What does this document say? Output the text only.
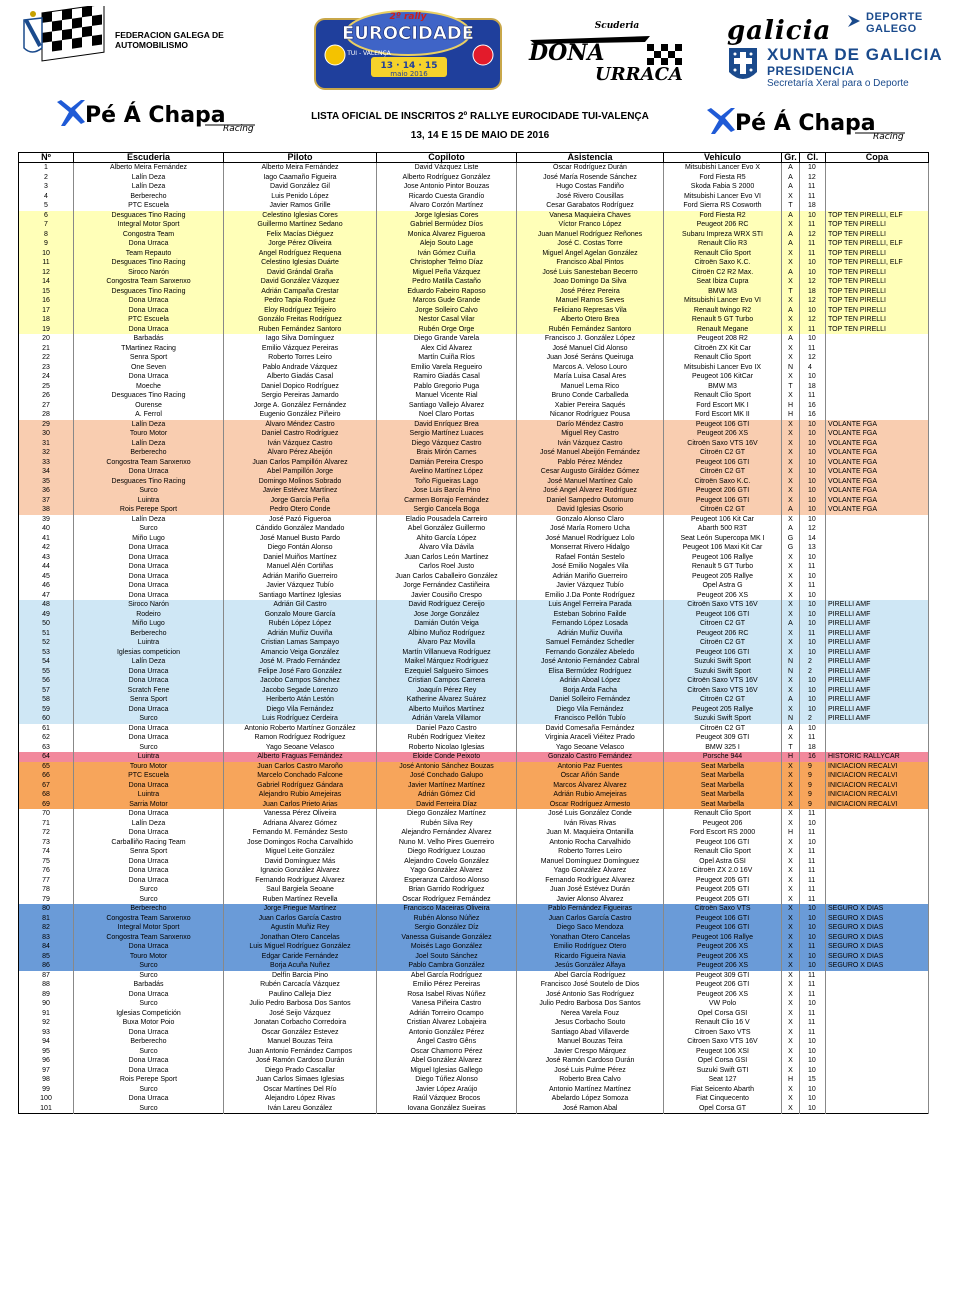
FEDERACION GALEGA DE AUTOMOBILISMO
2º rally
EUROCIDADE
TUI - VALENÇA
13 · 14 · 15
maio 2016
Scuderia
DONA
URRACA
galicia	DEPORTE
GALEGO
XUNTA DE GALICIA
PRESIDENCIA
Secretaría Xeral para o Deporte
Pé Á Chapa
Racing
LISTA OFICIAL DE INSCRITOS 2º RALLYE EUROCIDADE TUI-VALENÇA
13, 14 E 15 DE MAIO DE 2016	Pé Á Chapa
Racing
Nº	Escuderia	Piloto	Copiloto	Asistencia	Vehiculo	Gr.	Cl.	Copa
1	Alberto Meira Fernández	Alberto Meira Fernández	David Vázquez Liste	Óscar Rodríguez Durán	Mitsubishi Lancer Evo X	A	10	
2	Lalín Deza	Iago Caamaño Figueira	Alberto Rodríguez González	José María Rosende Sánchez	Ford Fiesta R5	A	12	
3	Lalín Deza	David González Gil	Jose Antonio Pintor Bouzas	Hugo Costas Fandiño	Skoda Fabia S 2000	A	11	
4	Berberecho	Luis Penido López	Ricardo Cuesta Grandío	José Rivero Cousillas	Mitsubishi Lancer Evo VI	X	11	
5	PTC Escuela	Javier Ramos Grille	Alvaro Corzón Martínez	Cesar Garabatos Rodríguez	Ford Sierra RS Cosworth	T	18	
6	Desguaces Tino Racing	Celestino Iglesias Cores	Jorge Iglesias Cores	Vanesa Maquieira Chaves	Ford Fiesta R2	A	10	TOP TEN PIRELLI, ELF
7	Integral Motor Sport	Guillermo Martínez Sedano	Gabriel Bermúdez Díos	Víctor Franco López	Peugeot 206 RC	X	11	TOP TEN PIRELLI
8	Congostra Team	Felix Macías Diéguez	Monica Álvarez Figueroa	Juan Manuel Rodríguez Reñones	Subaru Impreza WRX STI	A	12	TOP TEN PIRELLI
9	Dona Urraca	Jorge Pérez Oliveira	Alejo Souto Lage	José C. Costas Torre	Renault Clio R3	A	11	TOP TEN PIRELLI, ELF
10	Team Repauto	Angel Rodríguez Requena	Iván Gómez Cuiña	Miguel Ángel Agelan González	Renault Clio Sport	X	11	TOP TEN PIRELLI
11	Desguaces Tino Racing	Celestino Iglesias Duárte	Christopher Telmo Díaz	Francisco Abal Pintos	Citroën Saxo K.C.	X	10	TOP TEN PIRELLI, ELF
12	Siroco Narón	David Grándal Graña	Miguel Peña Vázquez	José Luis Sanesteban Becerro	Citroën C2 R2 Max.	A	10	TOP TEN PIRELLI
14	Congostra Team Sanxenxo	David González Vázquez	Pedro Matilla Castaño	Joao Domingo Da Silva	Seat Ibiza Cupra	X	12	TOP TEN PIRELLI
15	Desguaces Tino Racing	Adrián Campaña Crestar	Eduardo Fabeiro Raposo	José Pérez Pereira	BMW M3	T	18	TOP TEN PIRELLI
16	Dona Urraca	Pedro Tapia Rodríguez	Marcos Gude Grande	Manuel Ramos Seves	Mitsubishi Lancer Evo VI	X	12	TOP TEN PIRELLI
17	Dona Urraca	Eloy Rodríguez Teijeiro	Jorge Solleiro Calvo	Feliciano Represas Vila	Renault twingo R2	A	10	TOP TEN PIRELLI
18	PTC Escuela	Gonzálo Freitas Rodríguez	Nestor Casal Vilar	Alberto Otero Brea	Renault 5 GT Turbo	X	12	TOP TEN PIRELLI
19	Dona Urraca	Ruben Fernández Santoro	Rubén Orge Orge	Rubén Fernández Santoro	Renault Megane	X	11	TOP TEN PIRELLI
20	Barbadás	Iago Silva Domínguez	Diego Grande Varela	Francisco J. González López	Peugeot 208 R2	A	10	
21	TMartinez Racing	Emilio Vázquez Pereiras	Alex Cid Álvarez	José Manuel Cid Alonso	Citroën ZX Kit Car	X	11	
22	Senra Sport	Roberto Torres Leiro	Martín Cuiña Ríos	Juan José Seráns Queiruga	Renault Clio Sport	X	12	
23	One Seven	Pablo Andrade Vázquez	Emilio Varela Regueiro	Marcos A. Veloso Louro	Mitsubishi Lancer Evo IX	N	4	
24	Dona Urraca	Alberto Giadás Casal	Ramiro Giadás Casal	María Luisa Casal Ares	Peugeot 106 KitCar	X	10	
25	Moeche	Daniel Dopico Rodríguez	Pablo Gregorio Puga	Manuel Lema Rico	BMW M3	T	18	
26	Desguaces Tino Racing	Sergio Pereiras Jamardo	Manuel Vicente Rial	Bruno Conde Carballeda	Renault Clio Sport	X	11	
27	Ourense	Jorge A. González Fernández	Santiago Vallejo Álvarez	Xabier Pereira Saqués	Ford Escort MK I	H	16	
28	A. Ferrol	Eugenio González Piñeiro	Noel Claro Portas	Nicanor Rodríguez Pousa	Ford Escort MK II	H	16	
29	Lalín Deza	Álvaro Méndez Castro	David Enríquez Brea	Darío Méndez Castro	Peugeot 106 GTI	X	10	VOLANTE FGA
30	Touro Motor	Daniel Castro Rodríguez	Sergio Martínez Luaces	Miguel Rey Castro	Peugeot 206 XS	X	10	VOLANTE FGA
31	Lalín Deza	Iván Vázquez Castro	Diego Vázquez Castro	Iván Vázquez Castro	Citroën Saxo VTS 16V	X	10	VOLANTE FGA
32	Berberecho	Álvaro Pérez Abeijón	Brais Mirón Carnes	José Manuel Abeijón Fernández	Citroën C2 GT	X	10	VOLANTE FGA
33	Congostra Team Sanxenxo	Juan Carlos Pampillón Álvarez	Damián Pereira Crespo	Pablo Pérez Méndez	Peugeot 106 GTI	X	10	VOLANTE FGA
34	Dona Urraca	Abel Pampillón Jorge	Avelino Martínez López	Cesar Augusto Giráldez Gómez	Citroën C2 GT	X	10	VOLANTE FGA
35	Desguaces Tino Racing	Domingo Molinos Sobrado	Toño Figueiras Lago	José Manuel Martínez Calo	Citroën Saxo K.C.	X	10	VOLANTE FGA
36	Surco	Javier Estévez Martínez	Jose Luis Barcía Pino	José Angel Álvarez Rodríguez	Peugeot 206 GTI	X	10	VOLANTE FGA
37	Luintra	Jorge García Peña	Carmen Borrajo Fernández	Daniel Sampedro Outomuro	Peugeot 106 GTI	X	10	VOLANTE FGA
38	Rois Perepe Sport	Pedro Otero Conde	Sergio Cancela Boga	David Iglesias Osorio	Citroën C2 GT	A	10	VOLANTE FGA
39	Lalín Deza	José Pazó Figueroa	Eladio Pousadela Carreiro	Gonzalo Alonso Claro	Peugeot 106 Kit Car	X	10	
40	Surco	Cándido González Mandado	Abel González Guillermo	José María Romero Ucha	Abarth 500 R3T	A	12	
41	Miño Lugo	José Manuel Busto Pardo	Ahito García López	José Manuel Rodríguez Lolo	Seat León Supercopa MK I	G	14	
42	Dona Urraca	Diego Fontán Alonso	Álvaro Vila Dávila	Monserrat Rivero Hidalgo	Peugeot 106 Maxi Kit Car	G	13	
43	Dona Urraca	Daniel Muiños Martínez	Juan Carlos León Martínez	Rafael Fontán Sestelo	Peugeot 106 Rallye	X	10	
44	Dona Urraca	Manuel Alén Cortiñas	Carlos Roel Justo	José Emilio Nogales Vila	Renault 5 GT Turbo	X	11	
45	Dona Urraca	Adrián Mariño Guerreiro	Juan Carlos Caballeiro González	Adrián Mariño Guerreiro	Peugeot 205 Rallye	X	10	
46	Dona Urraca	Javier Vázquez Tubío	Jorge Fernández Castiñeira	Javier Vázquez Tubío	Opel Astra G	X	11	
47	Dona Urraca	Santiago Martínez Iglesias	Javier Cousiño Crespo	Emilio J.Da Ponte Rodríguez	Peugeot 206 XS	X	10	
48	Siroco Narón	Adrián Gil Castro	David Rodríguez Cereijo	Luis Angel Ferreira Parada	Citroën Saxo VTS 16V	X	10	PIRELLI AMF
49	Rodeiro	Gonzalo Moure García	Jose Jorge González	Esteban Sobrino Failde	Peugeot 106 GTI	X	10	PIRELLI AMF
50	Miño Lugo	Rubén López López	Damián Outón Veiga	Fernando López Losada	Citroen C2 GT	A	10	PIRELLI AMF
51	Berberecho	Adrián Muñiz Ouviña	Albino Muñoz Rodríguez	Adrián Muñiz Ouviña	Peugeot 206 RC	X	11	PIRELLI AMF
52	Luintra	Cristian Lamas Sampayo	Álvaro Paz Movilla	Samuel Fernández Schedler	Citroën C2 GT	X	10	PIRELLI AMF
53	Iglesias competicion	Amancio Veiga González	Martín Villanueva Rodríguez	Fernando González Abeledo	Peugeot 106 GTI	X	10	PIRELLI AMF
54	Lalín Deza	José M. Prado Fernández	Maikel Márquez Rodríguez	José Antonio Fernández Cabral	Suzuki Swift Sport	N	2	PIRELLI AMF
55	Dona Urraca	Felipe José Faro González	Ezequiel Salgueiro Simoes	Elisa Bermúdez Rodríguez	Suzuki Swift Sport	N	2	PIRELLI AMF
56	Dona Urraca	Jacobo Campos Sánchez	Cristian Campos Carrera	Adrián Aboal López	Citroën Saxo VTS 16V	X	10	PIRELLI AMF
57	Scratch Fene	Jacobo Segade Lorenzo	Joaquín Pérez Rey	Borja Arda Facha	Citroën Saxo VTS 16V	X	10	PIRELLI AMF
58	Senra Sport	Heriberto Atán Lestón	Katherine Álvarez Suárez	Daniel Solleiro Fernández	Citroën C2 GT	A	10	PIRELLI AMF
59	Dona Urraca	Diego Vila Fernández	Alberto Muiños Martínez	Diego Vila Fernández	Peugeot 205 Rallye	X	10	PIRELLI AMF
60	Surco	Luis Rodríguez Cerdeira	Adrián Varela Villamor	Francisco Pellón Tubío	Suzuki Swift Sport	N	2	PIRELLI AMF
61	Dona Urraca	Antonio Roberto Martínez González	Daniel Pazo Castro	David Comesaña Fernández	Citroën C2 GT	A	10	
62	Dona Urraca	Ramon Rodríguez Rodríguez	Rubén Rodríguez Vieitez	Virginia Araceli Viéitez Prado	Peugeot 309 GTI	X	11	
63	Surco	Yago Seoane Velasco	Roberto Nicolao Iglesias	Yago Seoane Velasco	BMW 325 I	T	18	
64	Luintra	Alberto Fraguas Fernández	Eloide Conde Peixoto	Gonzalo Castro Fernández	Porsche 944	H	16	HISTORIC RALLYCAR
65	Touro Motor	Juan Carlos Castro Maroño	José Antonio Sánchez Bouzas	Antonio Paz Fuentes	Seat Marbella	X	9	INICIACION RECALVI
66	PTC Escuela	Marcelo Conchado Falcone	José Conchado Galupo	Óscar Añón Sande	Seat Marbella	X	9	INICIACION RECALVI
67	Dona Urraca	Gabriel Rodríguez Gándara	Javier Martínez Martínez	Marcos Álvarez Álvarez	Seat Marbella	X	9	INICIACION RECALVI
68	Luintra	Alejandro Rubio Amejeiras	Adrián Gómez Cid	Adrián Rubio Amejeiras	Seat Marbella	X	9	INICIACION RECALVI
69	Sarria Motor	Juan Carlos Prieto Arias	David Ferreira Díaz	Óscar Rodríguez Armesto	Seat Marbella	X	9	INICIACION RECALVI
70	Dona Urraca	Vanessa Pérez Oliveira	Diego González Martínez	José Luis González Conde	Renault Clio Sport	X	11	
71	Lalín Deza	Adriana Álvarez Gómez	Rubén Silva Rey	Iván Rivas Rivas	Peugeot 206	X	10	
72	Dona Urraca	Fernando M. Fernández Sesto	Alejandro Fernández Álvarez	Juan M. Maquieira Ontanilla	Ford Escort RS 2000	H	11	
73	Carballiño Racing Team	Jose Domingos Rocha Carvalhido	Nuno M. Velho Pires Guerreiro	Antonio Rocha Carvalhido	Peugeot 106 GTI	X	10	
74	Senra Sport	Miguel Leite González	Diego Rodríguez Louzao	Roberto Torres Leiro	Renault Clio Sport	X	11	
75	Dona Urraca	David Domínguez Más	Alejandro Covelo González	Manuel Domínguez Domínguez	Opel Astra GSI	X	11	
76	Dona Urraca	Ignacio González Álvarez	Yago González Álvarez	Yago González Álvarez	Citroën ZX 2.0 16V	X	11	
77	Dona Urraca	Fernando Rodríguez Álvarez	Esperanza Cardoso Alonso	Fernando Rodríguez Álvarez	Peugeot 205 GTI	X	11	
78	Surco	Saul Bargiela Seoane	Brian Garrido Rodríguez	Juan José Estévez Durán	Peugeot 205 GTI	X	11	
79	Surco	Ruben Martínez Revella	Óscar Rodríguez Fernández	Javier Alonso Álvarez	Peugeot 205 GTI	X	11	
80	Berberecho	Jorge Priegue Martínez	Francisco Maceiras Oliveira	Pablo Fernández Figueiras	Citroën Saxo VTS	X	10	SEGURO X DIAS
81	Congostra Team Sanxenxo	Juan Carlos García Castro	Rubén Alonso Núñez	Juan Carlos García Castro	Peugeot 106 GTI	X	10	SEGURO X DIAS
82	Integral Motor Sport	Agustín Muñiz Rey	Sergio González Díz	Diego Saco Mendoza	Peugeot 106 GTI	X	10	SEGURO X DIAS
83	Congostra Team Sanxenxo	Jonathan Otero Cancelas	Vanessa Guisande González	Yonathan Otero Cancelas	Peugeot 106 Rallye	X	10	SEGURO X DIAS
84	Dona Urraca	Luis Miguel Rodríguez González	Moisés Lago González	Emilio Rodríguez Otero	Peugeot 206 XS	X	11	SEGURO X DIAS
85	Touro Motor	Edgar Caride Fernández	Joel Souto Sánchez	Ricardo Figueira Navia	Peugeot 206 XS	X	10	SEGURO X DIAS
86	Surco	Borja Acuña Nuñez	Pablo Cambra González	Jesús González Alfaya	Peugeot 206 XS	X	10	SEGURO X DIAS
87	Surco	Delfín Barcia Pino	Abel García Rodríguez	Abel García Rodríguez	Peugeot 309 GTI	X	11	
88	Barbadás	Rubén Carcacía Vázquez	Emilio Pérez Pereiras	Francisco José Soutelo de Dios	Peugeot 206 GTI	X	11	
89	Dona Urraca	Paulino Calleja Diez	Rosa Isabel Rivas Núñez	José Antonio Sas Rodríguez	Peugeot 206 XS	X	11	
90	Surco	Julio Pedro Barbosa Dos Santos	Vanesa Piñeira Castro	Julio Pedro Barbosa Dos Santos	VW Polo	X	10	
91	Iglesias Competición	José Seijo Vázquez	Adrián Torreiro Ocampo	Nerea Varela Fouz	Opel Corsa GSI	X	11	
92	Buxa Motor Poio	Jonatan Corbacho Corredoira	Cristian Álvarez Lobajeira	Jesus Corbacho Souto	Renault Clio 16 V	X	11	
93	Dona Urraca	Óscar González Estevez	Antonio González Pérez	Santiago Abad Villaverde	Citroen Saxo VTS	X	11	
94	Berberecho	Manuel Bouzas Teira	Ángel Castro Gêns	Manuel Bouzas Teira	Citroen Saxo VTS 16V	X	10	
95	Surco	Juan Antonio Fernández Campos	Óscar Chamorro Pérez	Javier Crespo Márquez	Peugeot 106 XSI	X	10	
96	Dona Urraca	José Ramón Cardoso Durán	Abel González Álvarez	José Ramón Cardoso Durán	Opel Corsa GSI	X	10	
97	Dona Urraca	Diego Prado Cascallar	Miguel Iglesias Gallego	José Luis Pulme Pérez	Suzuki Swift GTI	X	10	
98	Rois Perepe Sport	Juan Carlos Simaes Iglesias	Diego Túñez Alonso	Roberto Brea Calvo	Seat 127	H	15	
99	Surco	Oscar Martínes Del Río	Javier López Araújo	Antonio Martínez Martínez	Fiat Seicento Abarth	X	10	
100	Dona Urraca	Alejandro López Rivas	Raúl Vázquez Brocos	Abelardo López Somoza	Fiat Cinquecento	X	10	
101	Surco	Iván Lareu González	Iovana González Sueiras	José Ramon Abal	Opel Corsa GT	X	10	
